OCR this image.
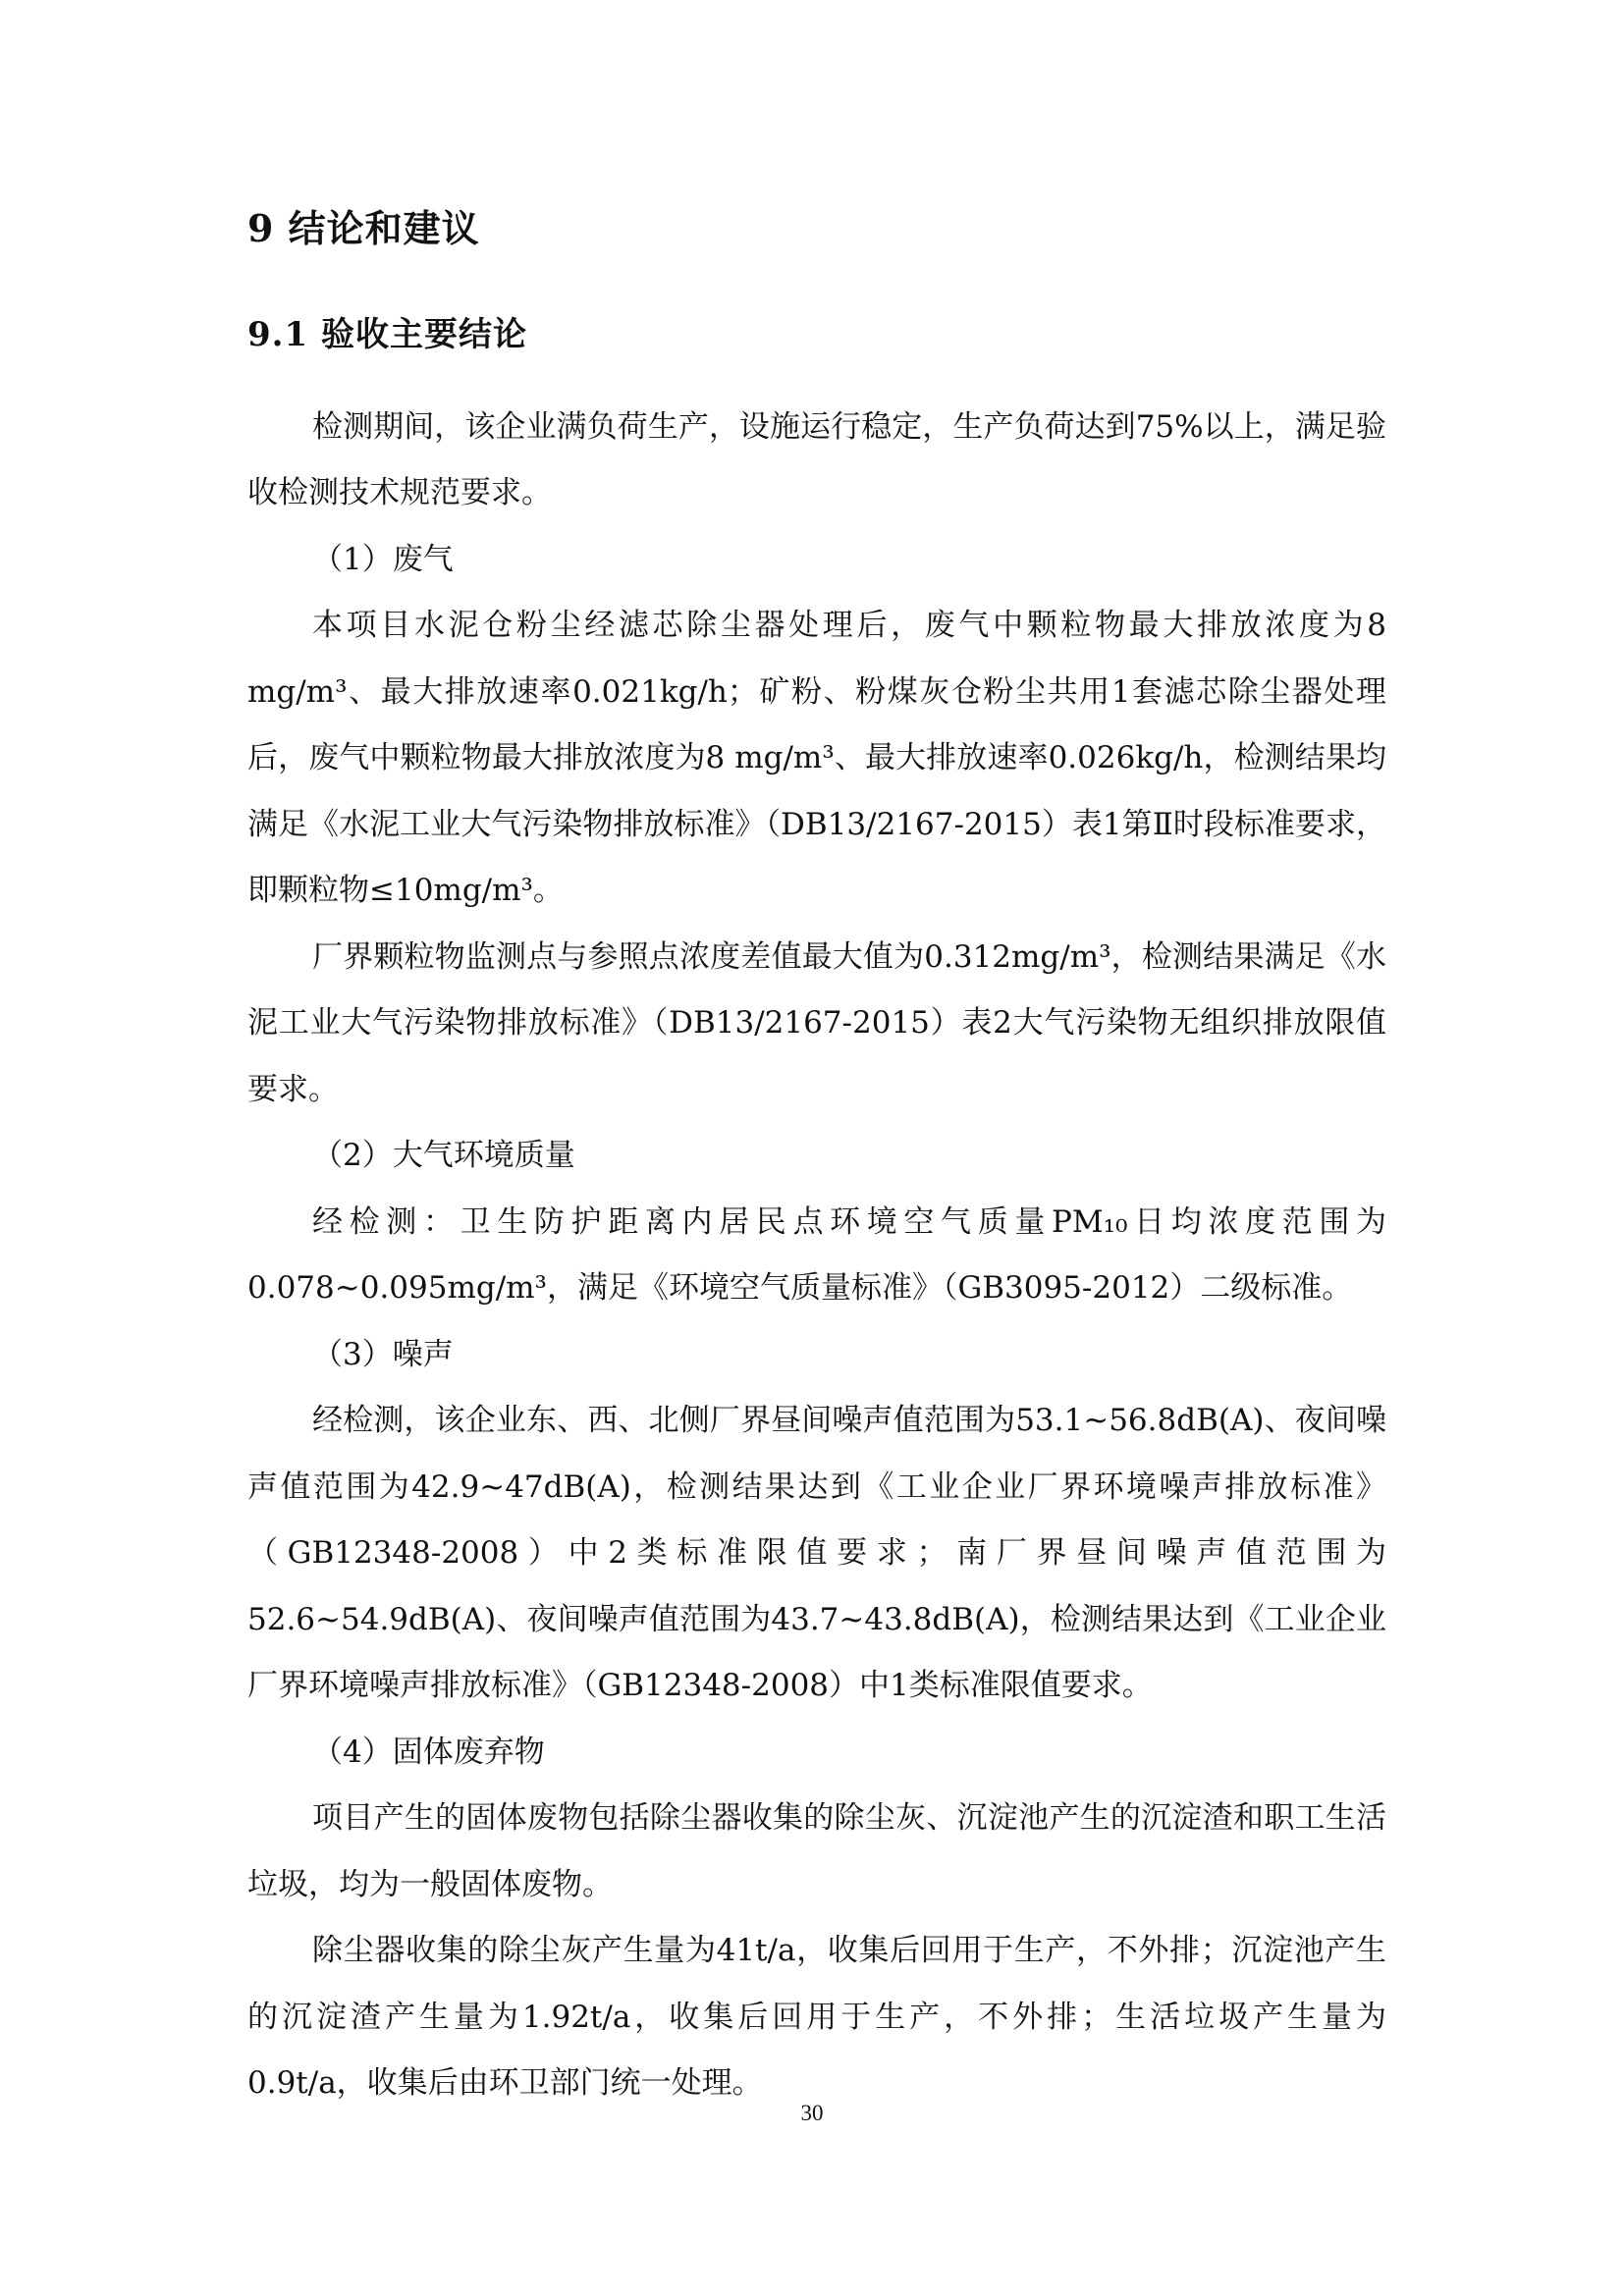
9 结论和建议
9.1 验收主要结论

检测期间，该企业满负荷生产，设施运行稳定，生产负荷达到75%以上，满足验收检测技术规范要求。

（1）废气

本项目水泥仓粉尘经滤芯除尘器处理后，废气中颗粒物最大排放浓度为8 mg/m³、最大排放速率0.021kg/h；矿粉、粉煤灰仓粉尘共用1套滤芯除尘器处理后，废气中颗粒物最大排放浓度为8 mg/m³、最大排放速率0.026kg/h，检测结果均满足《水泥工业大气污染物排放标准》（DB13/2167-2015）表1第Ⅱ时段标准要求，即颗粒物≤10mg/m³。

厂界颗粒物监测点与参照点浓度差值最大值为0.312mg/m³，检测结果满足《水泥工业大气污染物排放标准》（DB13/2167-2015）表2大气污染物无组织排放限值要求。

（2）大气环境质量

经检测：卫生防护距离内居民点环境空气质量PM₁₀日均浓度范围为0.078~0.095mg/m³，满足《环境空气质量标准》（GB3095-2012）二级标准。

（3）噪声

经检测，该企业东、西、北侧厂界昼间噪声值范围为53.1~56.8dB(A)、夜间噪声值范围为42.9~47dB(A)，检测结果达到《工业企业厂界环境噪声排放标准》（GB12348-2008）中2类标准限值要求；南厂界昼间噪声值范围为52.6~54.9dB(A)、夜间噪声值范围为43.7~43.8dB(A)，检测结果达到《工业企业厂界环境噪声排放标准》（GB12348-2008）中1类标准限值要求。

（4）固体废弃物

项目产生的固体废物包括除尘器收集的除尘灰、沉淀池产生的沉淀渣和职工生活垃圾，均为一般固体废物。

除尘器收集的除尘灰产生量为41t/a，收集后回用于生产，不外排；沉淀池产生的沉淀渣产生量为1.92t/a，收集后回用于生产，不外排；生活垃圾产生量为0.9t/a，收集后由环卫部门统一处理。

30
